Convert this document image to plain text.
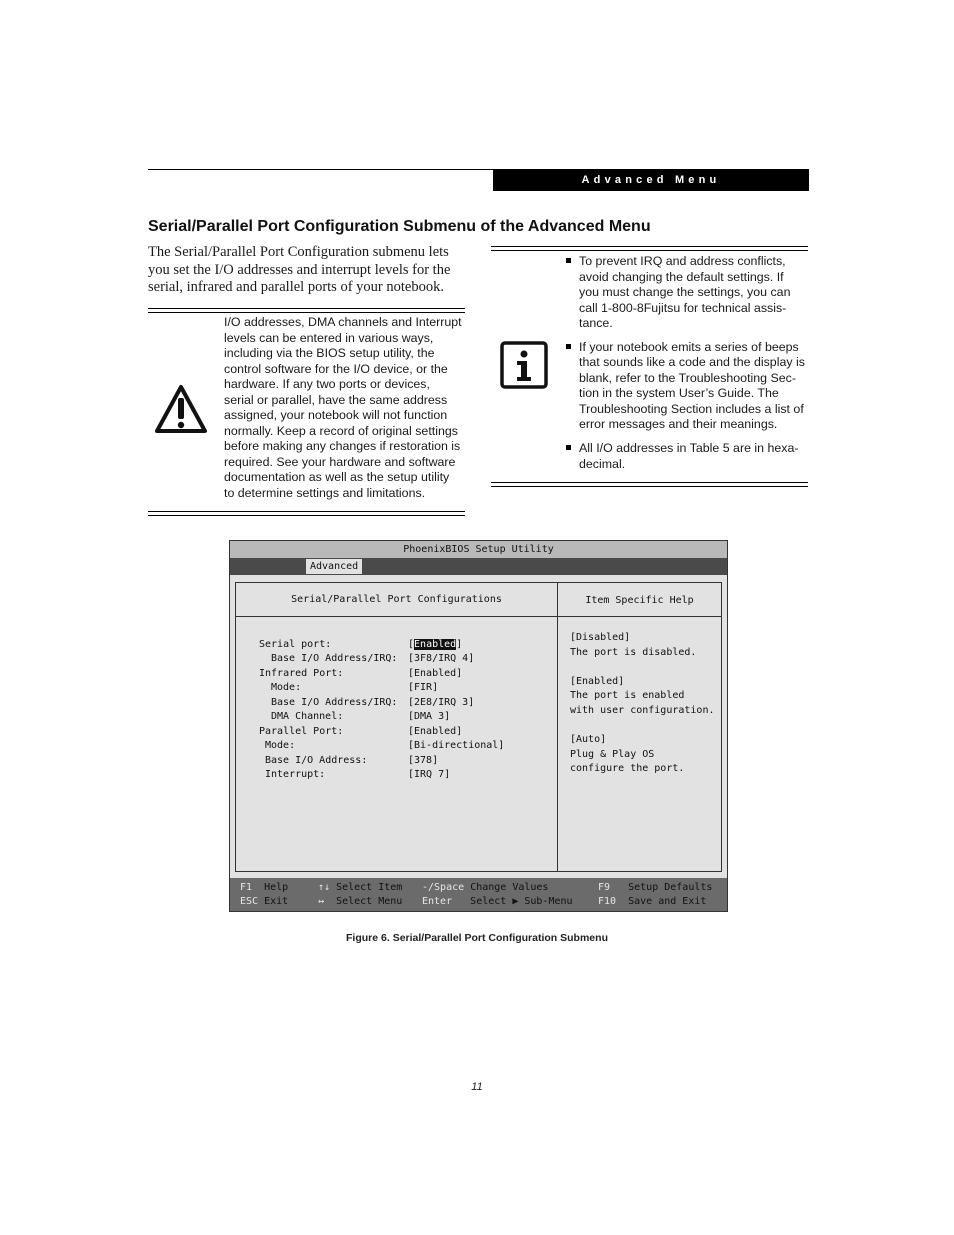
Advanced Menu
Serial/Parallel Port Configuration Submenu of the Advanced Menu
The Serial/Parallel Port Configuration submenu lets you set the I/O addresses and interrupt levels for the serial, infrared and parallel ports of your notebook.
I/O addresses, DMA channels and Interrupt levels can be entered in various ways, including via the BIOS setup utility, the control software for the I/O device, or the hardware. If any two ports or devices, serial or parallel, have the same address assigned, your notebook will not function normally. Keep a record of original settings before making any changes if restoration is required. See your hardware and software documentation as well as the setup utility to determine settings and limitations.
To prevent IRQ and address conflicts, avoid changing the default settings. If you must change the settings, you can call 1-800-8Fujitsu for technical assis-tance.
If your notebook emits a series of beeps that sounds like a code and the display is blank, refer to the Troubleshooting Sec-tion in the system User’s Guide. The Troubleshooting Section includes a list of error messages and their meanings.
All I/O addresses in Table 5 are in hexa-decimal.
PhoenixBIOS Setup Utility
Advanced
Serial/Parallel Port Configurations	Item Specific Help
Serial port:	[Enabled]
Base I/O Address/IRQ: [3F8/IRQ 4]
Infrared Port:	[Enabled]
Mode:	[FIR]
Base I/O Address/IRQ: [2E8/IRQ 3]
DMA Channel:	[DMA 3]
Parallel Port:	[Enabled]
Mode:	[Bi-directional]
Base I/O Address:	[378]
Interrupt:	[IRQ 7]
[Disabled]
The port is disabled.
[Enabled]
The port is enabled
with user configuration.
[Auto]
Plug & Play OS
configure the port.
F1 Help
ESC Exit
↑↓ Select Item
↔ Select Menu
-/Space Change Values
Enter Select ▶ Sub-Menu
F9 Setup Defaults
F10 Save and Exit
Figure 6. Serial/Parallel Port Configuration Submenu
11
